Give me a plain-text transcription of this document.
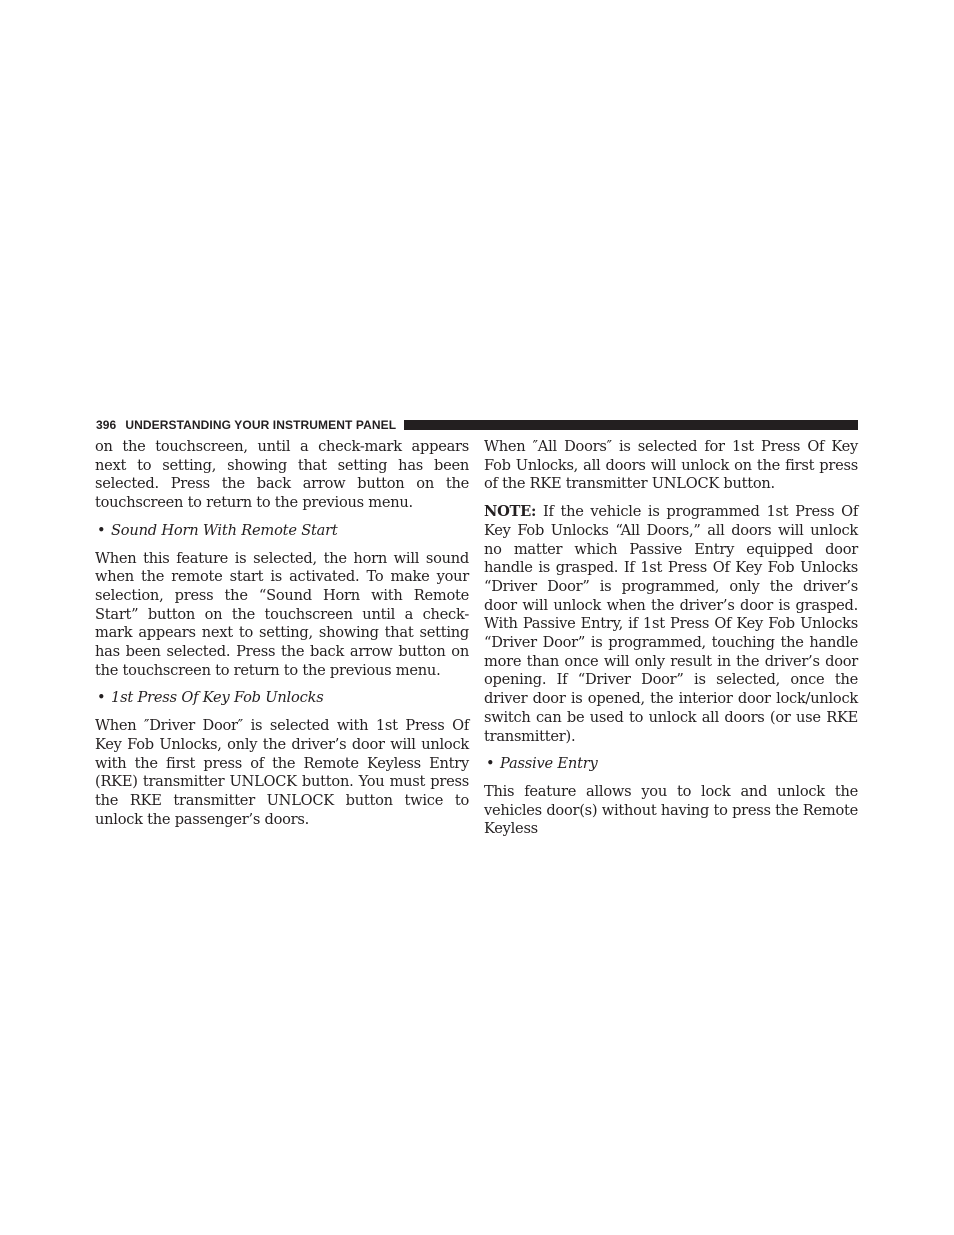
396 UNDERSTANDING YOUR INSTRUMENT PANEL

on the touchscreen, until a check-mark appears next to setting, showing that setting has been selected. Press the back arrow button on the touchscreen to return to the previous menu.

• Sound Horn With Remote Start

When this feature is selected, the horn will sound when the remote start is activated. To make your selection, press the “Sound Horn with Remote Start” button on the touchscreen until a check-mark appears next to setting, showing that setting has been selected. Press the back arrow button on the touchscreen to return to the previous menu.

• 1st Press Of Key Fob Unlocks

When ″Driver Door″ is selected with 1st Press Of Key Fob Unlocks, only the driver’s door will unlock with the first press of the Remote Keyless Entry (RKE) transmitter UNLOCK button. You must press the RKE transmitter UNLOCK button twice to unlock the passenger’s doors.

When ″All Doors″ is selected for 1st Press Of Key Fob Unlocks, all doors will unlock on the first press of the RKE transmitter UNLOCK button.

NOTE: If the vehicle is programmed 1st Press Of Key Fob Unlocks “All Doors,” all doors will unlock no matter which Passive Entry equipped door handle is grasped. If 1st Press Of Key Fob Unlocks “Driver Door” is programmed, only the driver’s door will unlock when the driver’s door is grasped. With Passive Entry, if 1st Press Of Key Fob Unlocks “Driver Door” is programmed, touching the handle more than once will only result in the driver’s door opening. If “Driver Door” is selected, once the driver door is opened, the interior door lock/unlock switch can be used to unlock all doors (or use RKE transmitter).

• Passive Entry

This feature allows you to lock and unlock the vehicles door(s) without having to press the Remote Keyless
